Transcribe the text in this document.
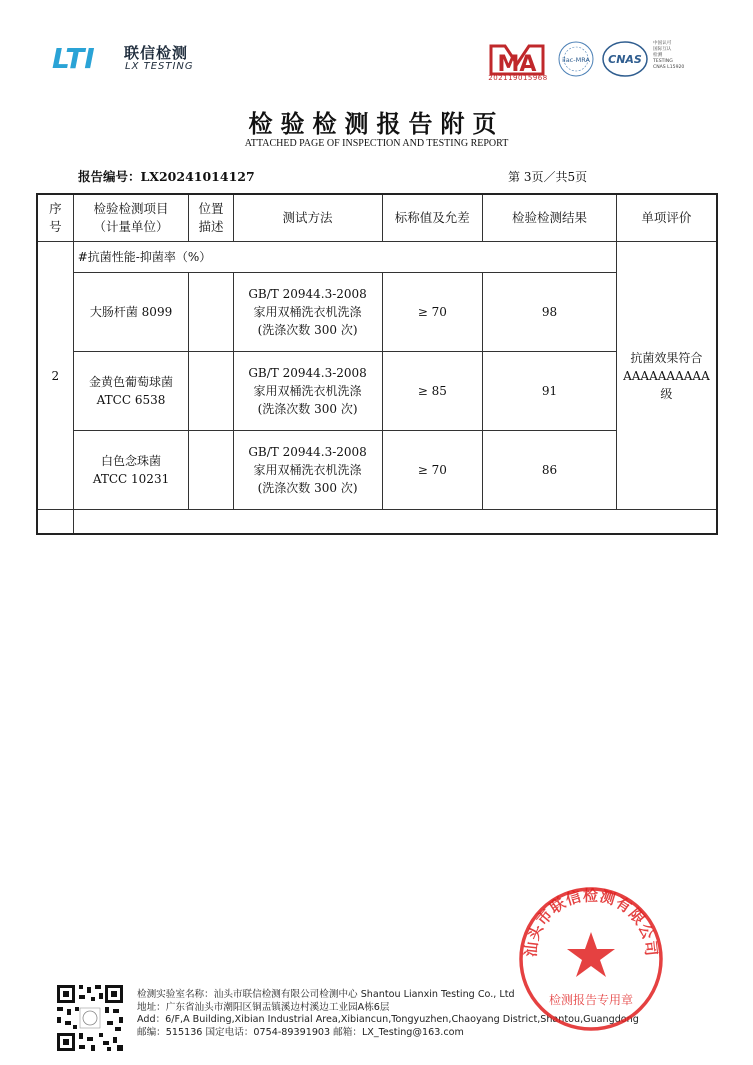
LTI 联信检测
LX TESTING	MA
202119015968
ilac-MRA CNAS
中国认可
国际互认
检测
TESTING
CNAS L15920
检验检测报告附页
ATTACHED PAGE OF INSPECTION AND TESTING REPORT
报告编号：LX20241014127	第 3页／共5页
序号	检验检测项目（计量单位）	位置描述	测试方法	标称值及允差	检验检测结果	单项评价
2	#抗菌性能-抑菌率（%）					抗菌效果符合AAAAAAAAAA级
	大肠杆菌 8099		GB/T 20944.3-2008
家用双桶洗衣机洗涤
(洗涤次数 300 次)	≥ 70	98	
	金黄色葡萄球菌
ATCC 6538		GB/T 20944.3-2008
家用双桶洗衣机洗涤
(洗涤次数 300 次)	≥ 85	91	
	白色念珠菌
ATCC 10231		GB/T 20944.3-2008
家用双桶洗衣机洗涤
(洗涤次数 300 次)	≥ 70	86	

检测实验室名称：汕头市联信检测有限公司检测中心 Shantou Lianxin Testing Co., Ltd
地址：广东省汕头市潮阳区铜盂镇溪边村溪边工业园A栋6层
Add：6/F,A Building,Xibian Industrial Area,Xibiancun,Tongyuzhen,Chaoyang District,Shantou,Guangdong
邮编：515136 国定电话：0754-89391903 邮箱：LX_Testing@163.com
汕头市联信检测有限公司
检测报告专用章
